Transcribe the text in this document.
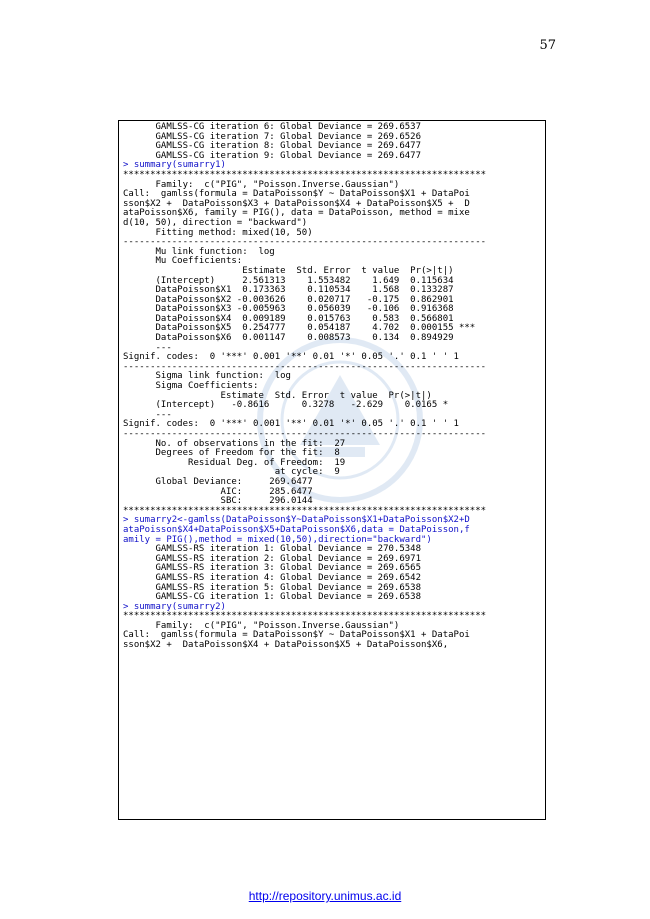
57
GAMLSS-CG iteration 6: Global Deviance = 269.6537
GAMLSS-CG iteration 7: Global Deviance = 269.6526
GAMLSS-CG iteration 8: Global Deviance = 269.6477
GAMLSS-CG iteration 9: Global Deviance = 269.6477
> summary(sumarry1)
*******************************************************************
Family:  c("PIG", "Poisson.Inverse.Gaussian")
Call:  gamlss(formula = DataPoisson$Y ~ DataPoisson$X1 + DataPoi
sson$X2 +  DataPoisson$X3 + DataPoisson$X4 + DataPoisson$X5 +  D
ataPoisson$X6, family = PIG(), data = DataPoisson, method = mixe
d(10, 50), direction = "backward")
Fitting method: mixed(10, 50)
-------------------------------------------------------------------
Mu link function:  log
Mu Coefficients:
Estimate  Std. Error  t value  Pr(>|t|)
(Intercept)     2.561313    1.553482    1.649  0.115634
DataPoisson$X1  0.173363    0.110534    1.568  0.133287
DataPoisson$X2 -0.003626    0.020717   -0.175  0.862901
DataPoisson$X3 -0.005963    0.056039   -0.106  0.916368
DataPoisson$X4  0.009189    0.015763    0.583  0.566801
DataPoisson$X5  0.254777    0.054187    4.702  0.000155 ***
DataPoisson$X6  0.001147    0.008573    0.134  0.894929
---
Signif. codes:  0 '***' 0.001 '**' 0.01 '*' 0.05 '.' 0.1 ' ' 1
-------------------------------------------------------------------
Sigma link function:  log
Sigma Coefficients:
Estimate  Std. Error  t value  Pr(>|t|)
(Intercept)   -0.8616      0.3278   -2.629    0.0165 *
---
Signif. codes:  0 '***' 0.001 '**' 0.01 '*' 0.05 '.' 0.1 ' ' 1
-------------------------------------------------------------------
No. of observations in the fit:  27
Degrees of Freedom for the fit:  8
Residual Deg. of Freedom:  19
at cycle:  9
Global Deviance:     269.6477
AIC:     285.6477
SBC:     296.0144
*******************************************************************
> sumarry2<-gamlss(DataPoisson$Y~DataPoisson$X1+DataPoisson$X2+D
ataPoisson$X4+DataPoisson$X5+DataPoisson$X6,data = DataPoisson,f
amily = PIG(),method = mixed(10,50),direction="backward")
GAMLSS-RS iteration 1: Global Deviance = 270.5348
GAMLSS-RS iteration 2: Global Deviance = 269.6971
GAMLSS-RS iteration 3: Global Deviance = 269.6565
GAMLSS-RS iteration 4: Global Deviance = 269.6542
GAMLSS-RS iteration 5: Global Deviance = 269.6538
GAMLSS-CG iteration 1: Global Deviance = 269.6538
> summary(sumarry2)
*******************************************************************
Family:  c("PIG", "Poisson.Inverse.Gaussian")
Call:  gamlss(formula = DataPoisson$Y ~ DataPoisson$X1 + DataPoi
sson$X2 +  DataPoisson$X4 + DataPoisson$X5 + DataPoisson$X6,
http://repository.unimus.ac.id
